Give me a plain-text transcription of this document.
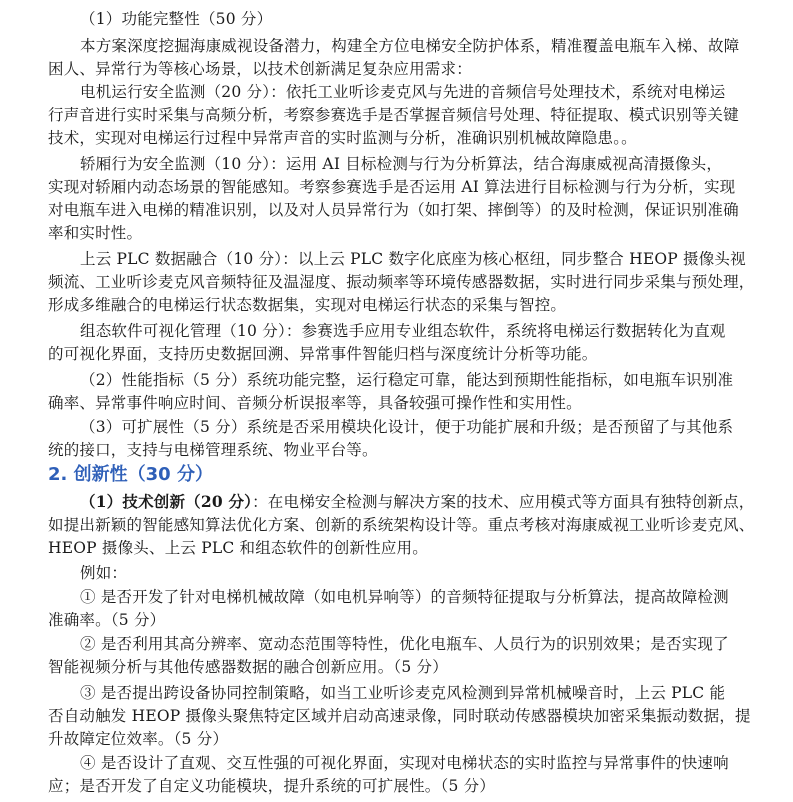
（1）功能完整性（50 分）
本方案深度挖掘海康威视设备潜力，构建全方位电梯安全防护体系，精准覆盖电瓶车入梯、故障
困人、异常行为等核心场景，以技术创新满足复杂应用需求：
电机运行安全监测（20 分）：依托工业听诊麦克风与先进的音频信号处理技术，系统对电梯运
行声音进行实时采集与高频分析，考察参赛选手是否掌握音频信号处理、特征提取、模式识别等关键
技术，实现对电梯运行过程中异常声音的实时监测与分析，准确识别机械故障隐患。。
轿厢行为安全监测（10 分）：运用 AI 目标检测与行为分析算法，结合海康威视高清摄像头，
实现对轿厢内动态场景的智能感知。考察参赛选手是否运用 AI 算法进行目标检测与行为分析，实现
对电瓶车进入电梯的精准识别，以及对人员异常行为（如打架、摔倒等）的及时检测，保证识别准确
率和实时性。
上云 PLC 数据融合（10 分）：以上云 PLC 数字化底座为核心枢纽，同步整合 HEOP 摄像头视
频流、工业听诊麦克风音频特征及温湿度、振动频率等环境传感器数据，实时进行同步采集与预处理，
形成多维融合的电梯运行状态数据集，实现对电梯运行状态的采集与智控。
组态软件可视化管理（10 分）：参赛选手应用专业组态软件，系统将电梯运行数据转化为直观
的可视化界面，支持历史数据回溯、异常事件智能归档与深度统计分析等功能。
（2）性能指标（5 分）系统功能完整，运行稳定可靠，能达到预期性能指标，如电瓶车识别准
确率、异常事件响应时间、音频分析误报率等，具备较强可操作性和实用性。
（3）可扩展性（5 分）系统是否采用模块化设计，便于功能扩展和升级；是否预留了与其他系
统的接口，支持与电梯管理系统、物业平台等。
2. 创新性（30 分）
（1）技术创新（20 分）：在电梯安全检测与解决方案的技术、应用模式等方面具有独特创新点，
如提出新颖的智能感知算法优化方案、创新的系统架构设计等。重点考核对海康威视工业听诊麦克风、
HEOP 摄像头、上云 PLC 和组态软件的创新性应用。
例如：
① 是否开发了针对电梯机械故障（如电机异响等）的音频特征提取与分析算法，提高故障检测
准确率。（5 分）
② 是否利用其高分辨率、宽动态范围等特性，优化电瓶车、人员行为的识别效果；是否实现了
智能视频分析与其他传感器数据的融合创新应用。（5 分）
③ 是否提出跨设备协同控制策略，如当工业听诊麦克风检测到异常机械噪音时，上云 PLC 能
否自动触发 HEOP 摄像头聚焦特定区域并启动高速录像，同时联动传感器模块加密采集振动数据，提
升故障定位效率。（5 分）
④ 是否设计了直观、交互性强的可视化界面，实现对电梯状态的实时监控与异常事件的快速响
应；是否开发了自定义功能模块，提升系统的可扩展性。（5 分）
